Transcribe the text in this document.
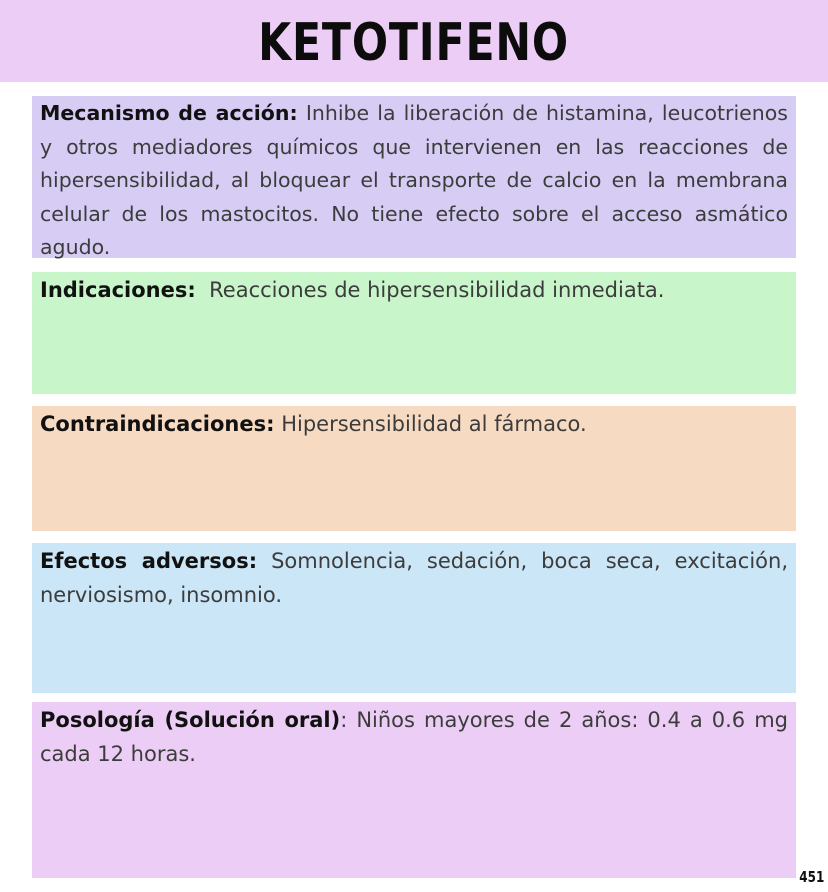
KETOTIFENO
Mecanismo de acción: Inhibe la liberación de histamina, leucotrienos y otros mediadores químicos que intervienen en las reacciones de hipersensibilidad, al bloquear el transporte de calcio en la membrana celular de los mastocitos. No tiene efecto sobre el acceso asmático agudo.
Indicaciones: Reacciones de hipersensibilidad inmediata.
Contraindicaciones: Hipersensibilidad al fármaco.
Efectos adversos: Somnolencia, sedación, boca seca, excitación, nerviosismo, insomnio.
Posología (Solución oral): Niños mayores de 2 años: 0.4 a 0.6 mg cada 12 horas.
451
